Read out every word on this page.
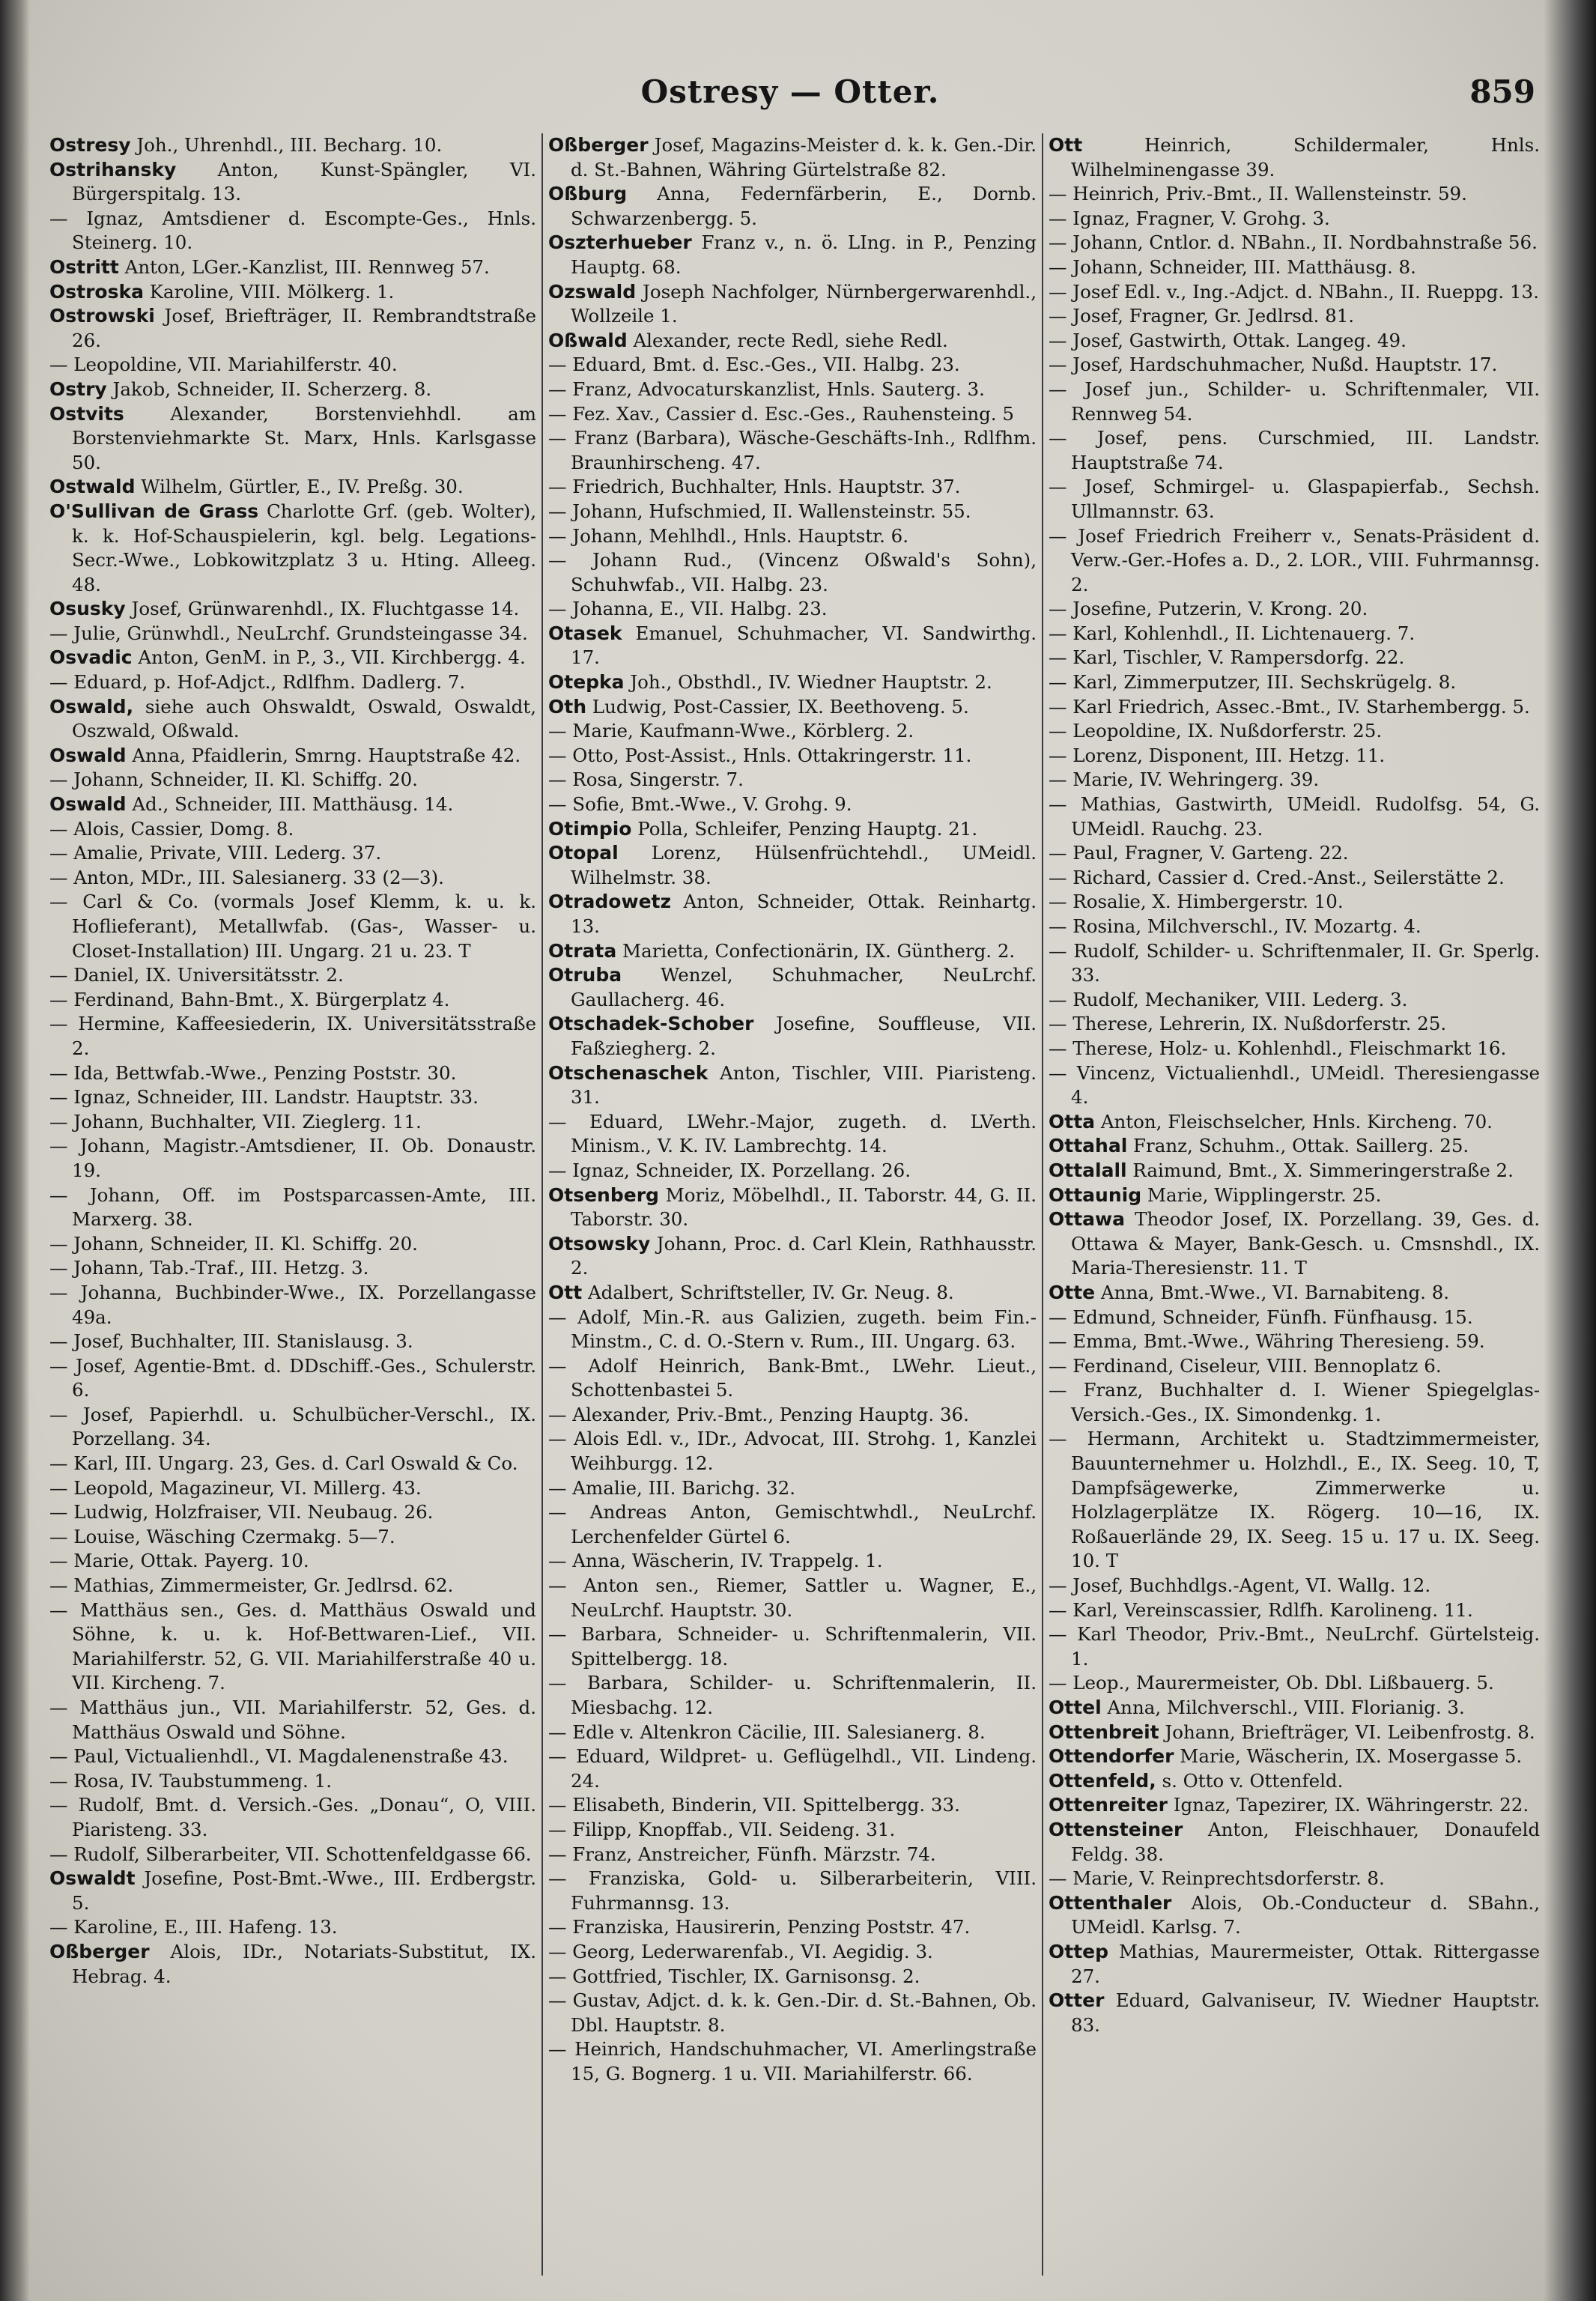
Ostresy — Otter.	859
Ostresy Joh., Uhrenhdl., III. Becharg. 10.
Ostrihansky Anton, Kunst-Spängler, VI. Bürgerspitalg. 13.
— Ignaz, Amtsdiener d. Escompte-Ges., Hnls. Steinerg. 10.
Ostritt Anton, LGer.-Kanzlist, III. Rennweg 57.
Ostroska Karoline, VIII. Mölkerg. 1.
Ostrowski Josef, Briefträger, II. Rembrandtstraße 26.
— Leopoldine, VII. Mariahilferstr. 40.
Ostry Jakob, Schneider, II. Scherzerg. 8.
Ostvits Alexander, Borstenviehhdl. am Borstenviehmarkte St. Marx, Hnls. Karlsgasse 50.
Ostwald Wilhelm, Gürtler, E., IV. Preßg. 30.
O'Sullivan de Grass Charlotte Grf. (geb. Wolter), k. k. Hof-Schauspielerin, kgl. belg. Legations-Secr.-Wwe., Lobkowitzplatz 3 u. Hting. Alleeg. 48.
Osusky Josef, Grünwarenhdl., IX. Fluchtgasse 14.
— Julie, Grünwhdl., NeuLrchf. Grundsteingasse 34.
Osvadic Anton, GenM. in P., 3., VII. Kirchbergg. 4.
— Eduard, p. Hof-Adjct., Rdlfhm. Dadlerg. 7.
Oswald, siehe auch Ohswaldt, Oswald, Oswaldt, Oszwald, Oßwald.
Oswald Anna, Pfaidlerin, Smrng. Hauptstraße 42.
— Johann, Schneider, II. Kl. Schiffg. 20.
Oswald Ad., Schneider, III. Matthäusg. 14.
— Alois, Cassier, Domg. 8.
— Amalie, Private, VIII. Lederg. 37.
— Anton, MDr., III. Salesianerg. 33 (2—3).
— Carl & Co. (vormals Josef Klemm, k. u. k. Hoflieferant), Metallwfab. (Gas-, Wasser- u. Closet-Installation) III. Ungarg. 21 u. 23. T
— Daniel, IX. Universitätsstr. 2.
— Ferdinand, Bahn-Bmt., X. Bürgerplatz 4.
— Hermine, Kaffeesiederin, IX. Universitätsstraße 2.
— Ida, Bettwfab.-Wwe., Penzing Poststr. 30.
— Ignaz, Schneider, III. Landstr. Hauptstr. 33.
— Johann, Buchhalter, VII. Zieglerg. 11.
— Johann, Magistr.-Amtsdiener, II. Ob. Donaustr. 19.
— Johann, Off. im Postsparcassen-Amte, III. Marxerg. 38.
— Johann, Schneider, II. Kl. Schiffg. 20.
— Johann, Tab.-Traf., III. Hetzg. 3.
— Johanna, Buchbinder-Wwe., IX. Porzellangasse 49a.
— Josef, Buchhalter, III. Stanislausg. 3.
— Josef, Agentie-Bmt. d. DDschiff.-Ges., Schulerstr. 6.
— Josef, Papierhdl. u. Schulbücher-Verschl., IX. Porzellang. 34.
— Karl, III. Ungarg. 23, Ges. d. Carl Oswald & Co.
— Leopold, Magazineur, VI. Millerg. 43.
— Ludwig, Holzfraiser, VII. Neubaug. 26.
— Louise, Wäsching Czermakg. 5—7.
— Marie, Ottak. Payerg. 10.
— Mathias, Zimmermeister, Gr. Jedlrsd. 62.
— Matthäus sen., Ges. d. Matthäus Oswald und Söhne, k. u. k. Hof-Bettwaren-Lief., VII. Mariahilferstr. 52, G. VII. Mariahilferstraße 40 u. VII. Kircheng. 7.
— Matthäus jun., VII. Mariahilferstr. 52, Ges. d. Matthäus Oswald und Söhne.
— Paul, Victualienhdl., VI. Magdalenenstraße 43.
— Rosa, IV. Taubstummeng. 1.
— Rudolf, Bmt. d. Versich.-Ges. „Donau“, O, VIII. Piaristeng. 33.
— Rudolf, Silberarbeiter, VII. Schottenfeldgasse 66.
Oswaldt Josefine, Post-Bmt.-Wwe., III. Erdbergstr. 5.
— Karoline, E., III. Hafeng. 13.
Oßberger Alois, IDr., Notariats-Substitut, IX. Hebrag. 4.
Oßberger Josef, Magazins-Meister d. k. k. Gen.-Dir. d. St.-Bahnen, Währing Gürtelstraße 82.
Oßburg Anna, Federnfärberin, E., Dornb. Schwarzenbergg. 5.
Oszterhueber Franz v., n. ö. LIng. in P., Penzing Hauptg. 68.
Ozswald Joseph Nachfolger, Nürnbergerwarenhdl., Wollzeile 1.
Oßwald Alexander, recte Redl, siehe Redl.
— Eduard, Bmt. d. Esc.-Ges., VII. Halbg. 23.
— Franz, Advocaturskanzlist, Hnls. Sauterg. 3.
— Fez. Xav., Cassier d. Esc.-Ges., Rauhensteing. 5
— Franz (Barbara), Wäsche-Geschäfts-Inh., Rdlfhm. Braunhirscheng. 47.
— Friedrich, Buchhalter, Hnls. Hauptstr. 37.
— Johann, Hufschmied, II. Wallensteinstr. 55.
— Johann, Mehlhdl., Hnls. Hauptstr. 6.
— Johann Rud., (Vincenz Oßwald's Sohn), Schuhwfab., VII. Halbg. 23.
— Johanna, E., VII. Halbg. 23.
Otasek Emanuel, Schuhmacher, VI. Sandwirthg. 17.
Otepka Joh., Obsthdl., IV. Wiedner Hauptstr. 2.
Oth Ludwig, Post-Cassier, IX. Beethoveng. 5.
— Marie, Kaufmann-Wwe., Körblerg. 2.
— Otto, Post-Assist., Hnls. Ottakringerstr. 11.
— Rosa, Singerstr. 7.
— Sofie, Bmt.-Wwe., V. Grohg. 9.
Otimpio Polla, Schleifer, Penzing Hauptg. 21.
Otopal Lorenz, Hülsenfrüchtehdl., UMeidl. Wilhelmstr. 38.
Otradowetz Anton, Schneider, Ottak. Reinhartg. 13.
Otrata Marietta, Confectionärin, IX. Güntherg. 2.
Otruba Wenzel, Schuhmacher, NeuLrchf. Gaullacherg. 46.
Otschadek-Schober Josefine, Souffleuse, VII. Faßziegherg. 2.
Otschenaschek Anton, Tischler, VIII. Piaristeng. 31.
— Eduard, LWehr.-Major, zugeth. d. LVerth. Minism., V. K. IV. Lambrechtg. 14.
— Ignaz, Schneider, IX. Porzellang. 26.
Otsenberg Moriz, Möbelhdl., II. Taborstr. 44, G. II. Taborstr. 30.
Otsowsky Johann, Proc. d. Carl Klein, Rathhausstr. 2.
Ott Adalbert, Schriftsteller, IV. Gr. Neug. 8.
— Adolf, Min.-R. aus Galizien, zugeth. beim Fin.-Minstm., C. d. O.-Stern v. Rum., III. Ungarg. 63.
— Adolf Heinrich, Bank-Bmt., LWehr. Lieut., Schottenbastei 5.
— Alexander, Priv.-Bmt., Penzing Hauptg. 36.
— Alois Edl. v., IDr., Advocat, III. Strohg. 1, Kanzlei Weihburgg. 12.
— Amalie, III. Barichg. 32.
— Andreas Anton, Gemischtwhdl., NeuLrchf. Lerchenfelder Gürtel 6.
— Anna, Wäscherin, IV. Trappelg. 1.
— Anton sen., Riemer, Sattler u. Wagner, E., NeuLrchf. Hauptstr. 30.
— Barbara, Schneider- u. Schriftenmalerin, VII. Spittelbergg. 18.
— Barbara, Schilder- u. Schriftenmalerin, II. Miesbachg. 12.
— Edle v. Altenkron Cäcilie, III. Salesianerg. 8.
— Eduard, Wildpret- u. Geflügelhdl., VII. Lindeng. 24.
— Elisabeth, Binderin, VII. Spittelbergg. 33.
— Filipp, Knopffab., VII. Seideng. 31.
— Franz, Anstreicher, Fünfh. Märzstr. 74.
— Franziska, Gold- u. Silberarbeiterin, VIII. Fuhrmannsg. 13.
— Franziska, Hausirerin, Penzing Poststr. 47.
— Georg, Lederwarenfab., VI. Aegidig. 3.
— Gottfried, Tischler, IX. Garnisonsg. 2.
— Gustav, Adjct. d. k. k. Gen.-Dir. d. St.-Bahnen, Ob. Dbl. Hauptstr. 8.
— Heinrich, Handschuhmacher, VI. Amerlingstraße 15, G. Bognerg. 1 u. VII. Mariahilferstr. 66.
Ott Heinrich, Schildermaler, Hnls. Wilhelminengasse 39.
— Heinrich, Priv.-Bmt., II. Wallensteinstr. 59.
— Ignaz, Fragner, V. Grohg. 3.
— Johann, Cntlor. d. NBahn., II. Nordbahnstraße 56.
— Johann, Schneider, III. Matthäusg. 8.
— Josef Edl. v., Ing.-Adjct. d. NBahn., II. Rueppg. 13.
— Josef, Fragner, Gr. Jedlrsd. 81.
— Josef, Gastwirth, Ottak. Langeg. 49.
— Josef, Hardschuhmacher, Nußd. Hauptstr. 17.
— Josef jun., Schilder- u. Schriftenmaler, VII. Rennweg 54.
— Josef, pens. Curschmied, III. Landstr. Hauptstraße 74.
— Josef, Schmirgel- u. Glaspapierfab., Sechsh. Ullmannstr. 63.
— Josef Friedrich Freiherr v., Senats-Präsident d. Verw.-Ger.-Hofes a. D., 2. LOR., VIII. Fuhrmannsg. 2.
— Josefine, Putzerin, V. Krong. 20.
— Karl, Kohlenhdl., II. Lichtenauerg. 7.
— Karl, Tischler, V. Rampersdorfg. 22.
— Karl, Zimmerputzer, III. Sechskrügelg. 8.
— Karl Friedrich, Assec.-Bmt., IV. Starhembergg. 5.
— Leopoldine, IX. Nußdorferstr. 25.
— Lorenz, Disponent, III. Hetzg. 11.
— Marie, IV. Wehringerg. 39.
— Mathias, Gastwirth, UMeidl. Rudolfsg. 54, G. UMeidl. Rauchg. 23.
— Paul, Fragner, V. Garteng. 22.
— Richard, Cassier d. Cred.-Anst., Seilerstätte 2.
— Rosalie, X. Himbergerstr. 10.
— Rosina, Milchverschl., IV. Mozartg. 4.
— Rudolf, Schilder- u. Schriftenmaler, II. Gr. Sperlg. 33.
— Rudolf, Mechaniker, VIII. Lederg. 3.
— Therese, Lehrerin, IX. Nußdorferstr. 25.
— Therese, Holz- u. Kohlenhdl., Fleischmarkt 16.
— Vincenz, Victualienhdl., UMeidl. Theresiengasse 4.
Otta Anton, Fleischselcher, Hnls. Kircheng. 70.
Ottahal Franz, Schuhm., Ottak. Saillerg. 25.
Ottalall Raimund, Bmt., X. Simmeringerstraße 2.
Ottaunig Marie, Wipplingerstr. 25.
Ottawa Theodor Josef, IX. Porzellang. 39, Ges. d. Ottawa & Mayer, Bank-Gesch. u. Cmsnshdl., IX. Maria-Theresienstr. 11. T
Otte Anna, Bmt.-Wwe., VI. Barnabiteng. 8.
— Edmund, Schneider, Fünfh. Fünfhausg. 15.
— Emma, Bmt.-Wwe., Währing Theresieng. 59.
— Ferdinand, Ciseleur, VIII. Bennoplatz 6.
— Franz, Buchhalter d. I. Wiener Spiegelglas-Versich.-Ges., IX. Simondenkg. 1.
— Hermann, Architekt u. Stadtzimmermeister, Bauunternehmer u. Holzhdl., E., IX. Seeg. 10, T, Dampfsägewerke, Zimmerwerke u. Holzlagerplätze IX. Rögerg. 10—16, IX. Roßauerlände 29, IX. Seeg. 15 u. 17 u. IX. Seeg. 10. T
— Josef, Buchhdlgs.-Agent, VI. Wallg. 12.
— Karl, Vereinscassier, Rdlfh. Karolineng. 11.
— Karl Theodor, Priv.-Bmt., NeuLrchf. Gürtelsteig. 1.
— Leop., Maurermeister, Ob. Dbl. Lißbauerg. 5.
Ottel Anna, Milchverschl., VIII. Florianig. 3.
Ottenbreit Johann, Briefträger, VI. Leibenfrostg. 8.
Ottendorfer Marie, Wäscherin, IX. Mosergasse 5.
Ottenfeld, s. Otto v. Ottenfeld.
Ottenreiter Ignaz, Tapezirer, IX. Währingerstr. 22.
Ottensteiner Anton, Fleischhauer, Donaufeld Feldg. 38.
— Marie, V. Reinprechtsdorferstr. 8.
Ottenthaler Alois, Ob.-Conducteur d. SBahn., UMeidl. Karlsg. 7.
Ottep Mathias, Maurermeister, Ottak. Rittergasse 27.
Otter Eduard, Galvaniseur, IV. Wiedner Hauptstr. 83.
